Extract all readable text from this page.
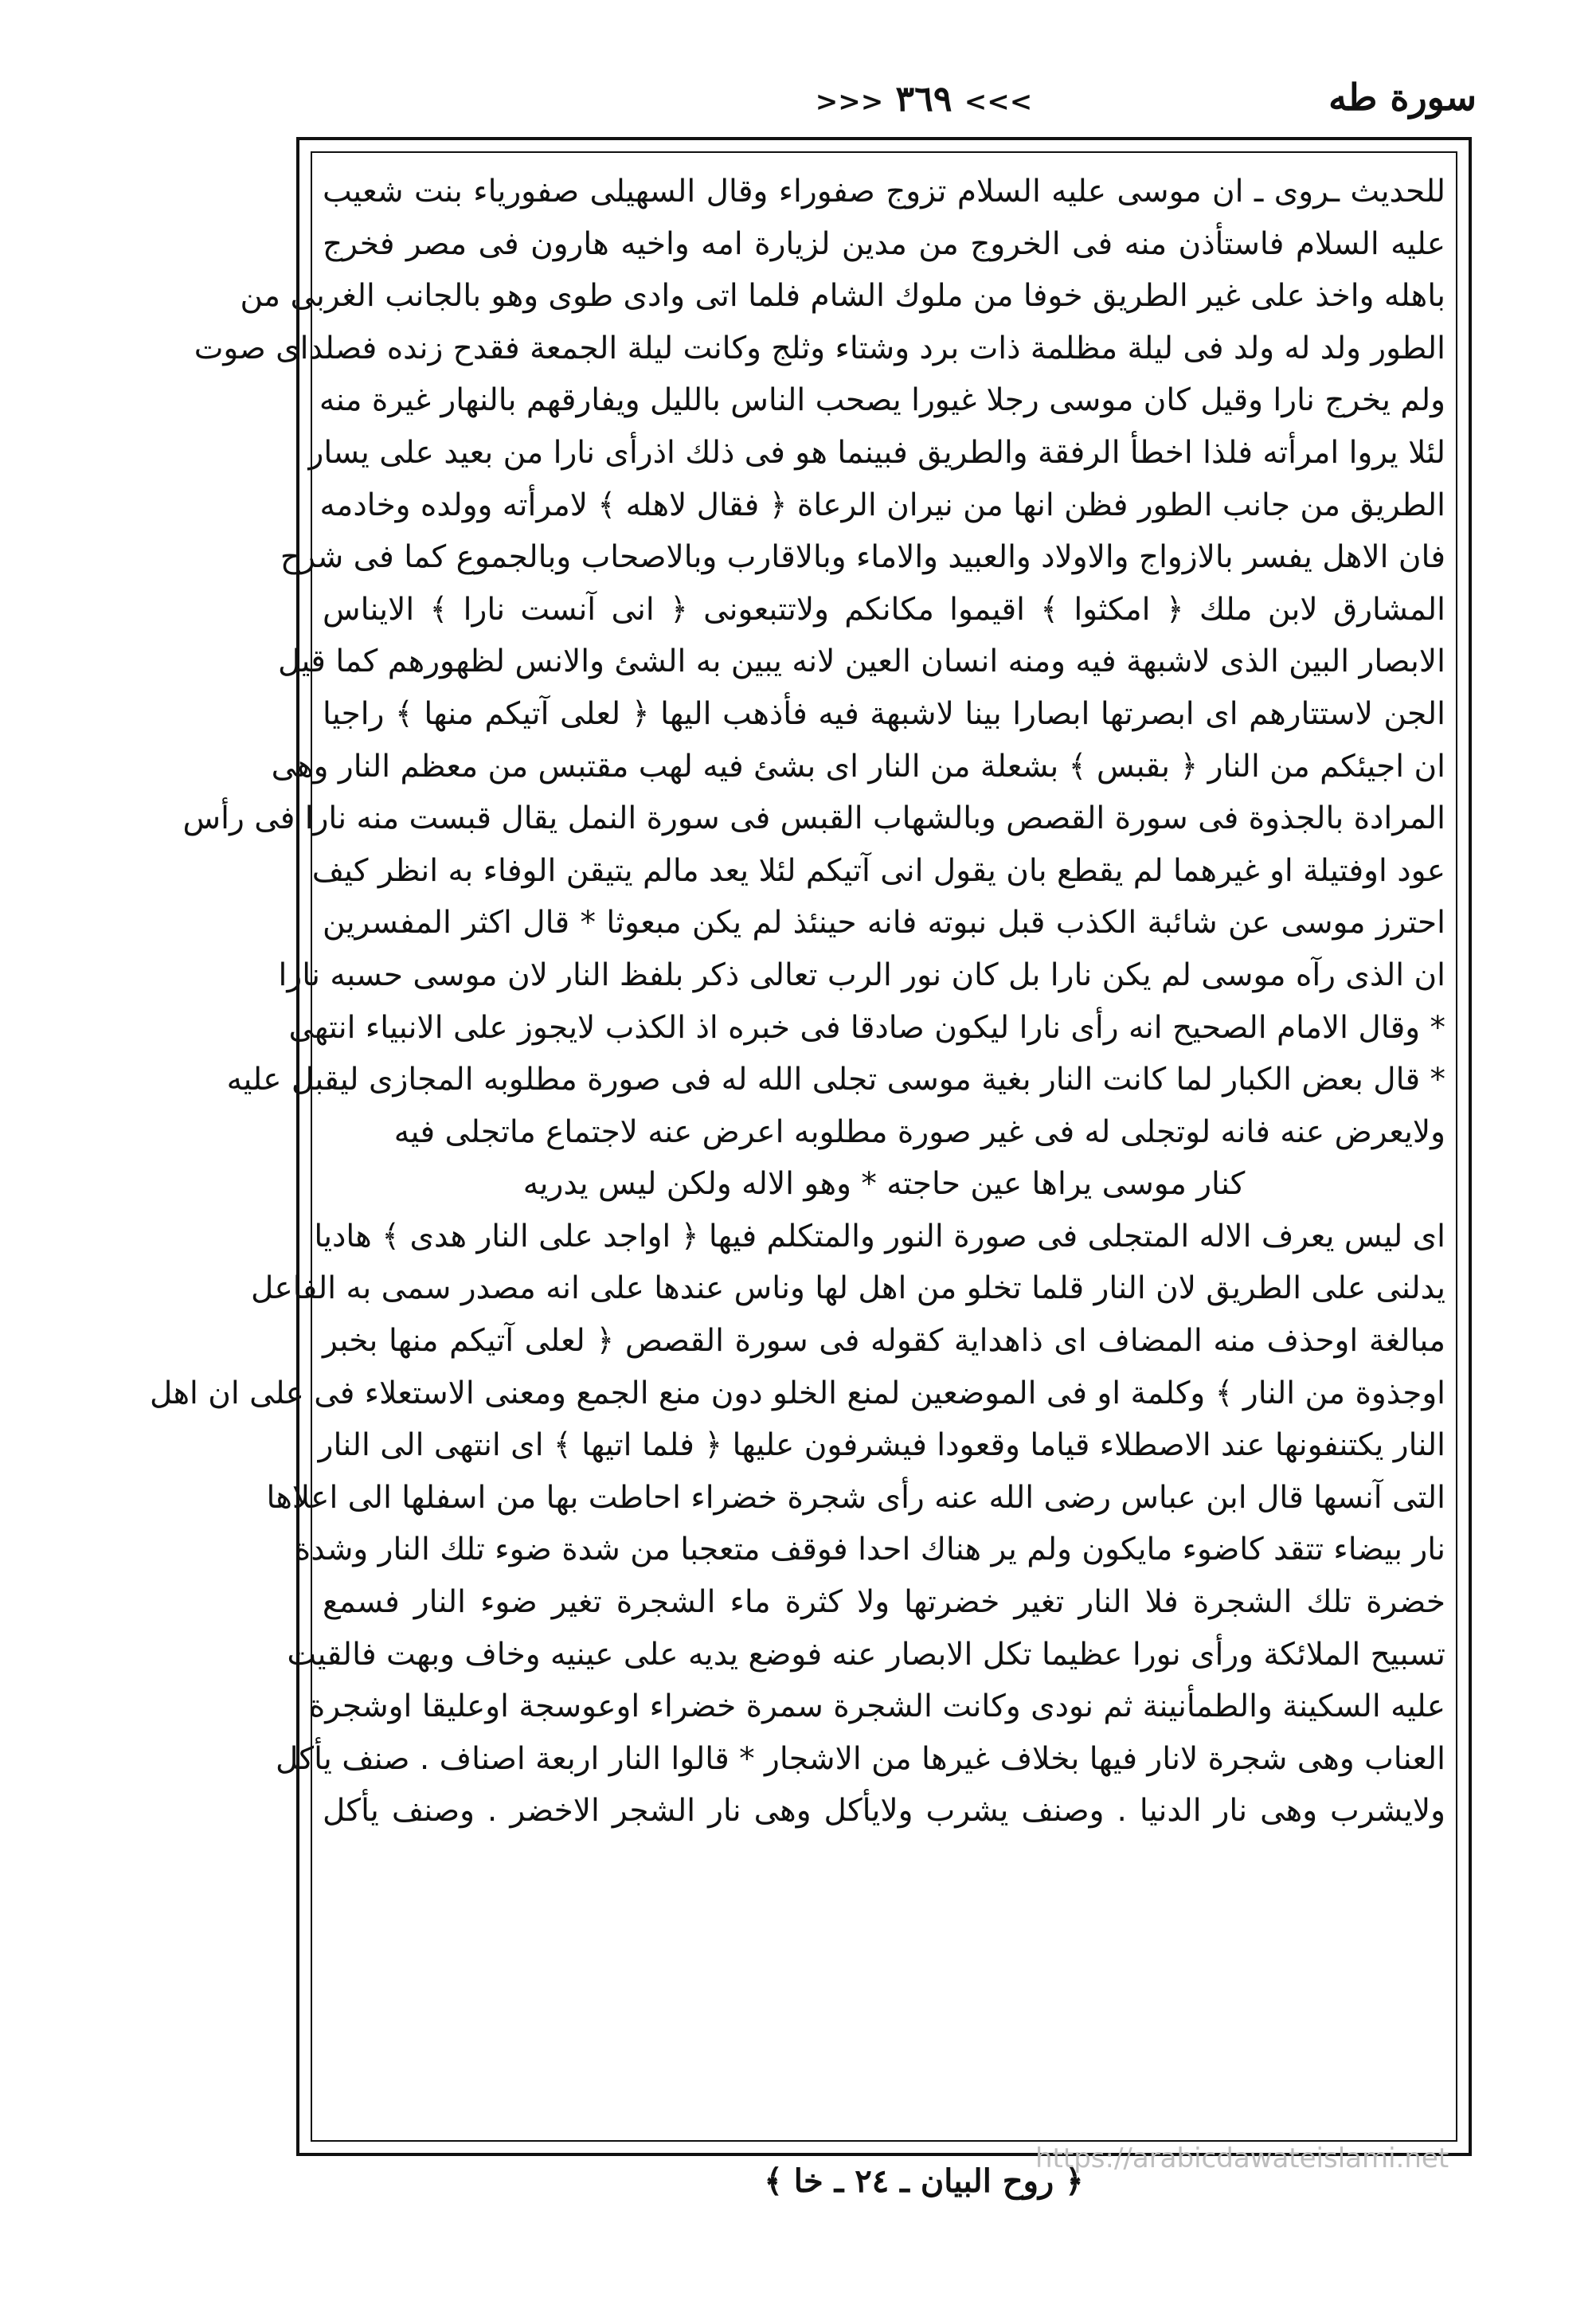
>>> ٣٦٩ <<<	سورة طه
للحديث ـروى ـ ان موسى عليه السلام تزوج صفوراء وقال السهيلى صفورياء بنت شعيب
عليه السلام فاستأذن منه فى الخروج من مدين لزيارة امه واخيه هارون فى مصر فخرج
باهله واخذ على غير الطريق خوفا من ملوك الشام فلما اتى وادى طوى وهو بالجانب الغربى من
الطور ولد له ولد فى ليلة مظلمة ذات برد وشتاء وثلج وكانت ليلة الجمعة فقدح زنده فصلداى صوت
ولم يخرج نارا وقيل كان موسى رجلا غيورا يصحب الناس بالليل ويفارقهم بالنهار غيرة منه
لئلا يروا امرأته فلذا اخطأ الرفقة والطريق فبينما هو فى ذلك اذرأى نارا من بعيد على يسار
الطريق من جانب الطور فظن انها من نيران الرعاة ﴿ فقال لاهله ﴾ لامرأته وولده وخادمه
فان الاهل يفسر بالازواج والاولاد والعبيد والاماء وبالاقارب وبالاصحاب وبالجموع كما فى شرح
المشارق لابن ملك ﴿ امكثوا ﴾ اقيموا مكانكم ولاتتبعونى ﴿ انى آنست نارا ﴾ الايناس
الابصار البين الذى لاشبهة فيه ومنه انسان العين لانه يبين به الشئ والانس لظهورهم كما قيل
الجن لاستتارهم اى ابصرتها ابصارا بينا لاشبهة فيه فأذهب اليها ﴿ لعلى آتيكم منها ﴾ راجيا
ان اجيئكم من النار ﴿ بقبس ﴾ بشعلة من النار اى بشئ فيه لهب مقتبس من معظم النار وهى
المرادة بالجذوة فى سورة القصص وبالشهاب القبس فى سورة النمل يقال قبست منه نارا فى رأس
عود اوفتيلة او غيرهما لم يقطع بان يقول انى آتيكم لئلا يعد مالم يتيقن الوفاء به انظر كيف
احترز موسى عن شائبة الكذب قبل نبوته فانه حينئذ لم يكن مبعوثا * قال اكثر المفسرين
ان الذى رآه موسى لم يكن نارا بل كان نور الرب تعالى ذكر بلفظ النار لان موسى حسبه نارا
* وقال الامام الصحيح انه رأى نارا ليكون صادقا فى خبره اذ الكذب لايجوز على الانبياء انتهى
* قال بعض الكبار لما كانت النار بغية موسى تجلى الله له فى صورة مطلوبه المجازى ليقبل عليه
ولايعرض عنه فانه لوتجلى له فى غير صورة مطلوبه اعرض عنه لاجتماع ماتجلى فيه
كنار موسى يراها عين حاجته * وهو الاله ولكن ليس يدريه
اى ليس يعرف الاله المتجلى فى صورة النور والمتكلم فيها ﴿ اواجد على النار هدى ﴾ هاديا
يدلنى على الطريق لان النار قلما تخلو من اهل لها وناس عندها على انه مصدر سمى به الفاعل
مبالغة اوحذف منه المضاف اى ذاهداية كقوله فى سورة القصص ﴿ لعلى آتيكم منها بخبر
اوجذوة من النار ﴾ وكلمة او فى الموضعين لمنع الخلو دون منع الجمع ومعنى الاستعلاء فى على ان اهل
النار يكتنفونها عند الاصطلاء قياما وقعودا فيشرفون عليها ﴿ فلما اتيها ﴾ اى انتهى الى النار
التى آنسها قال ابن عباس رضى الله عنه رأى شجرة خضراء احاطت بها من اسفلها الى اعلاها
نار بيضاء تتقد كاضوء مايكون ولم ير هناك احدا فوقف متعجبا من شدة ضوء تلك النار وشدة
خضرة تلك الشجرة فلا النار تغير خضرتها ولا كثرة ماء الشجرة تغير ضوء النار فسمع
تسبيح الملائكة ورأى نورا عظيما تكل الابصار عنه فوضع يديه على عينيه وخاف وبهت فالقيت
عليه السكينة والطمأنينة ثم نودى وكانت الشجرة سمرة خضراء اوعوسجة اوعليقا اوشجرة
العناب وهى شجرة لانار فيها بخلاف غيرها من الاشجار * قالوا النار اربعة اصناف . صنف يأكل
ولايشرب وهى نار الدنيا . وصنف يشرب ولايأكل وهى نار الشجر الاخضر . وصنف يأكل
﴿ روح البيان ـ ٢٤ ـ خا ﴾
https://arabicdawateislami.net
